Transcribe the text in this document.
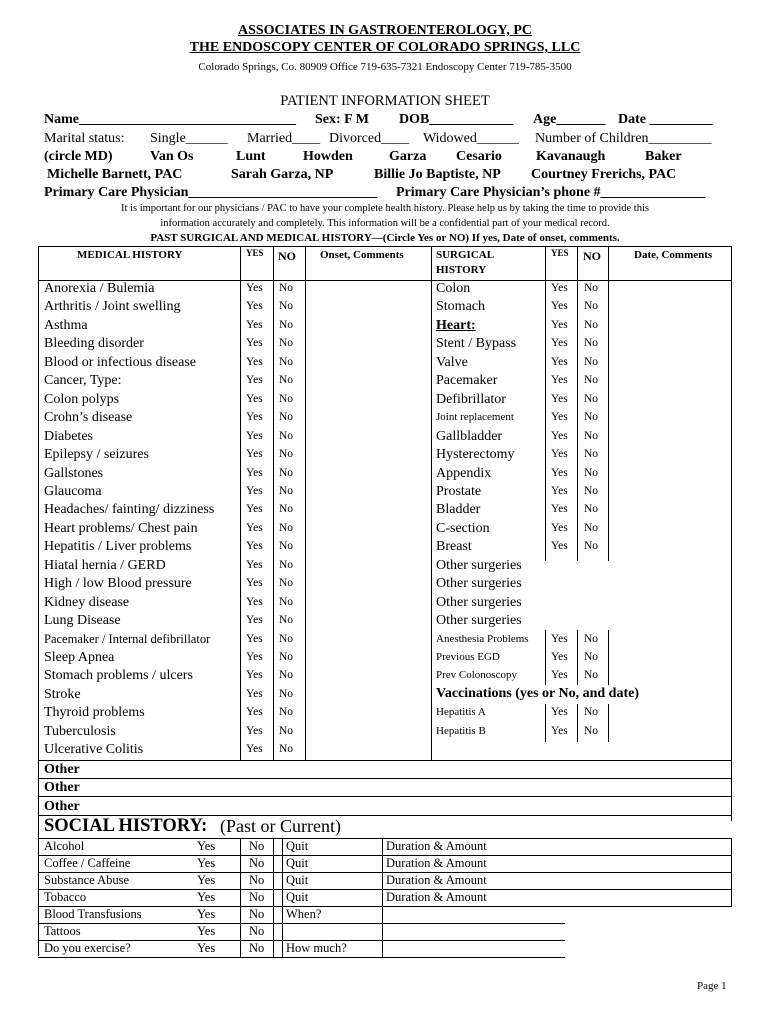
ASSOCIATES IN GASTROENTEROLOGY, PC
THE ENDOSCOPY CENTER OF COLORADO SPRINGS, LLC
Colorado Springs, Co. 80909 Office 719-635-7321 Endoscopy Center 719-785-3500
PATIENT INFORMATION SHEET
Name_______________________________ Sex: F M DOB____________ Age_______ Date _________
Marital status: Single______ Married____ Divorced____ Widowed______ Number of Children_________
(circle MD)	Van Os	Lunt	Howden	Garza Cesario Kavanaugh	Baker
Michelle Barnett, PAC	Sarah Garza, NP	Billie Jo Baptiste, NP Courtney Frerichs, PAC
Primary Care Physician___________________________ Primary Care Physician’s phone #_______________
It is important for our physicians / PAC to have your complete health history. Please help us by taking the time to provide this
information accurately and completely. This information will be a confidential part of your medical record.
PAST SURGICAL AND MEDICAL HISTORY—(Circle Yes or NO) If yes, Date of onset, comments.
MEDICAL HISTORY	YES NO Onset, Comments	SURGICAL
HISTORY
YES NO	Date, Comments
Anorexia / Bulemia	Yes No
Arthritis / Joint swelling	Yes No
Asthma	Yes No
Bleeding disorder	Yes No
Blood or infectious disease	Yes No
Cancer, Type:	Yes No
Colon polyps	Yes No
Crohn’s disease	Yes No
Diabetes	Yes No
Epilepsy / seizures	Yes No
Gallstones	Yes No
Glaucoma	Yes No
Headaches/ fainting/ dizziness	Yes No
Heart problems/ Chest pain	Yes No
Hepatitis / Liver problems	Yes No
Hiatal hernia / GERD	Yes No
High / low Blood pressure	Yes No
Kidney disease	Yes No
Lung Disease	Yes No
Pacemaker / Internal defibrillator	Yes No
Sleep Apnea	Yes No
Stomach problems / ulcers	Yes No
Stroke	Yes No
Thyroid problems	Yes No
Tuberculosis	Yes No
Ulcerative Colitis	Yes No
Colon	Yes No
Stomach	Yes No
Heart:	Yes No
Stent / Bypass	Yes No
Valve	Yes No
Pacemaker	Yes No
Defibrillator	Yes No
Joint replacement	Yes No
Gallbladder	Yes No
Hysterectomy	Yes No
Appendix	Yes No
Prostate	Yes No
Bladder	Yes No
C-section	Yes No
Breast	Yes No
Other surgeries
Other surgeries
Other surgeries
Other surgeries
Anesthesia Problems Yes No
Previous EGD	Yes No
Prev Colonoscopy	Yes No
Vaccinations (yes or No, and date)
Hepatitis A	Yes No
Hepatitis B	Yes No
Other
Other
Other
SOCIAL HISTORY: (Past or Current)
Alcohol	Yes	No Quit	Duration & Amount
Coffee / Caffeine	Yes	No Quit	Duration & Amount
Substance Abuse	Yes	No Quit	Duration & Amount
Tobacco	Yes	No Quit	Duration & Amount
Blood Transfusions	Yes	No When?
Tattoos	Yes	No
Do you exercise?	Yes	No How much?
Page 1
